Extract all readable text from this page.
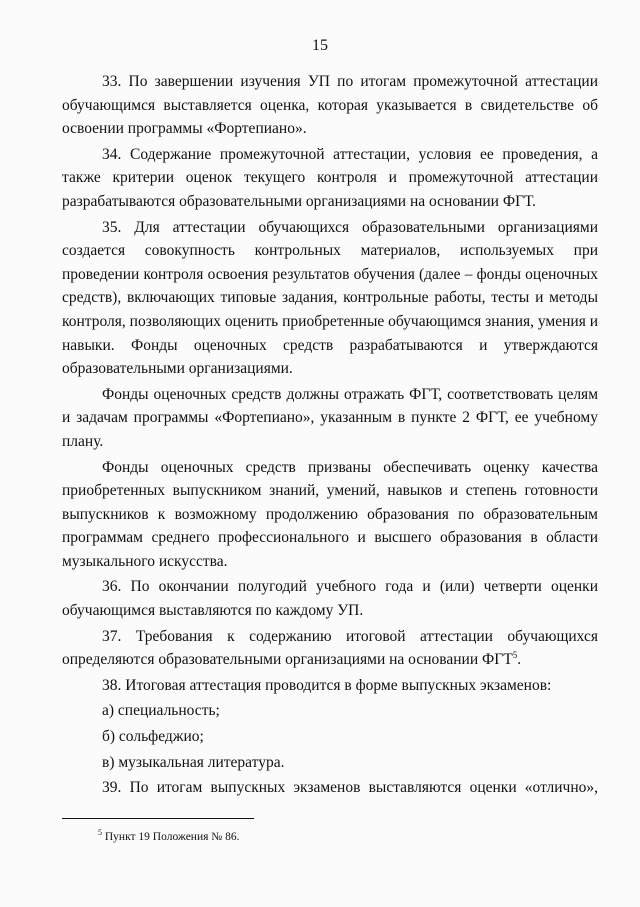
15

33. По завершении изучения УП по итогам промежуточной аттестации обучающимся выставляется оценка, которая указывается в свидетельстве об освоении программы «Фортепиано».

34. Содержание промежуточной аттестации, условия ее проведения, а также критерии оценок текущего контроля и промежуточной аттестации разрабатываются образовательными организациями на основании ФГТ.

35. Для аттестации обучающихся образовательными организациями создается совокупность контрольных материалов, используемых при проведении контроля освоения результатов обучения (далее – фонды оценочных средств), включающих типовые задания, контрольные работы, тесты и методы контроля, позволяющих оценить приобретенные обучающимся знания, умения и навыки. Фонды оценочных средств разрабатываются и утверждаются образовательными организациями.

Фонды оценочных средств должны отражать ФГТ, соответствовать целям и задачам программы «Фортепиано», указанным в пункте 2 ФГТ, ее учебному плану.

Фонды оценочных средств призваны обеспечивать оценку качества приобретенных выпускником знаний, умений, навыков и степень готовности выпускников к возможному продолжению образования по образовательным программам среднего профессионального и высшего образования в области музыкального искусства.

36. По окончании полугодий учебного года и (или) четверти оценки обучающимся выставляются по каждому УП.

37. Требования к содержанию итоговой аттестации обучающихся определяются образовательными организациями на основании ФГТ$^5$.

38. Итоговая аттестация проводится в форме выпускных экзаменов:

а) специальность;

б) сольфеджио;

в) музыкальная литература.

39. По итогам выпускных экзаменов выставляются оценки «отлично»,

$^5$ Пункт 19 Положения № 86.
